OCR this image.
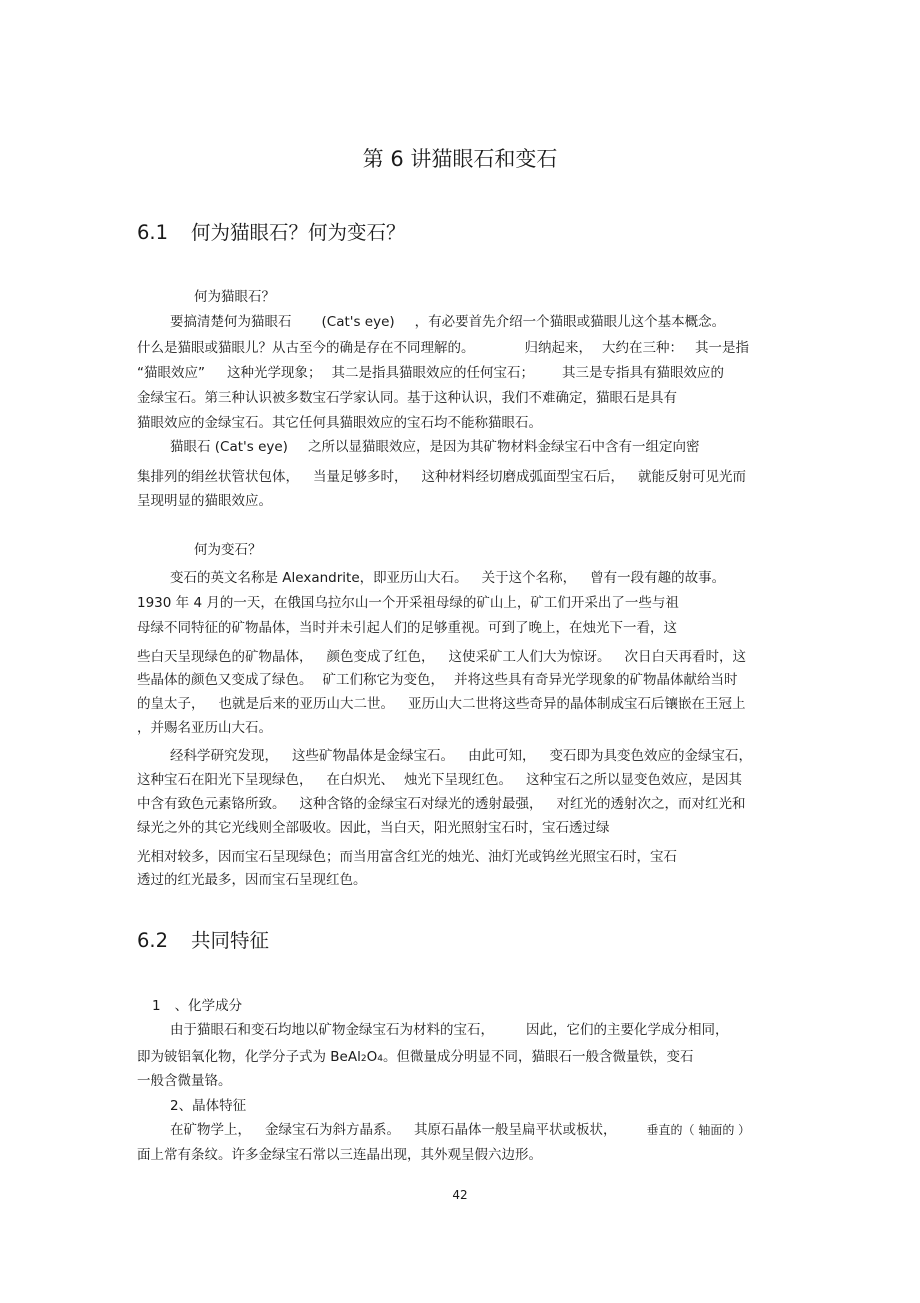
第 6 讲猫眼石和变石
6.1 何为猫眼石？何为变石？
何为猫眼石？
要搞清楚何为猫眼石 (Cat's eye) ，有必要首先介绍一个猫眼或猫眼儿这个基本概念。
什么是猫眼或猫眼儿？从古至今的确是存在不同理解的。	归纳起来， 大约在三种： 其一是指
“猫眼效应” 这种光学现象； 其二是指具猫眼效应的任何宝石； 其三是专指具有猫眼效应的
金绿宝石。第三种认识被多数宝石学家认同。基于这种认识，我们不难确定，猫眼石是具有
猫眼效应的金绿宝石。其它任何具猫眼效应的宝石均不能称猫眼石。
猫眼石 (Cat's eye) 之所以显猫眼效应，是因为其矿物材料金绿宝石中含有一组定向密
集排列的绢丝状管状包体， 当量足够多时， 这种材料经切磨成弧面型宝石后， 就能反射可见光而
呈现明显的猫眼效应。
何为变石？
变石的英文名称是 Alexandrite，即亚历山大石。 关于这个名称， 曾有一段有趣的故事。
1930 年 4 月的一天，在俄国乌拉尔山一个开采祖母绿的矿山上，矿工们开采出了一些与祖
母绿不同特征的矿物晶体，当时并未引起人们的足够重视。可到了晚上，在烛光下一看，这
些白天呈现绿色的矿物晶体， 颜色变成了红色， 这使采矿工人们大为惊讶。 次日白天再看时，这
些晶体的颜色又变成了绿色。 矿工们称它为变色， 并将这些具有奇异光学现象的矿物晶体献给当时
的皇太子， 也就是后来的亚历山大二世。 亚历山大二世将这些奇异的晶体制成宝石后镶嵌在王冠上
，并赐名亚历山大石。
经科学研究发现， 这些矿物晶体是金绿宝石。 由此可知， 变石即为具变色效应的金绿宝石，
这种宝石在阳光下呈现绿色， 在白炽光、 烛光下呈现红色。 这种宝石之所以显变色效应，是因其
中含有致色元素铬所致。 这种含铬的金绿宝石对绿光的透射最强， 对红光的透射次之，而对红光和
绿光之外的其它光线则全部吸收。因此，当白天，阳光照射宝石时，宝石透过绿
光相对较多，因而宝石呈现绿色；而当用富含红光的烛光、油灯光或钨丝光照宝石时，宝石
透过的红光最多，因而宝石呈现红色。
6.2 共同特征
1 、化学成分
由于猫眼石和变石均地以矿物金绿宝石为材料的宝石， 因此，它们的主要化学成分相同，
即为铍铝氧化物，化学分子式为 BeAl2O4。但微量成分明显不同，猫眼石一般含微量铁，变石
一般含微量铬。
2、晶体特征
在矿物学上， 金绿宝石为斜方晶系。 其原石晶体一般呈扁平状或板状，	垂直的（ 轴面的 ）
面上常有条纹。许多金绿宝石常以三连晶出现，其外观呈假六边形。
42
